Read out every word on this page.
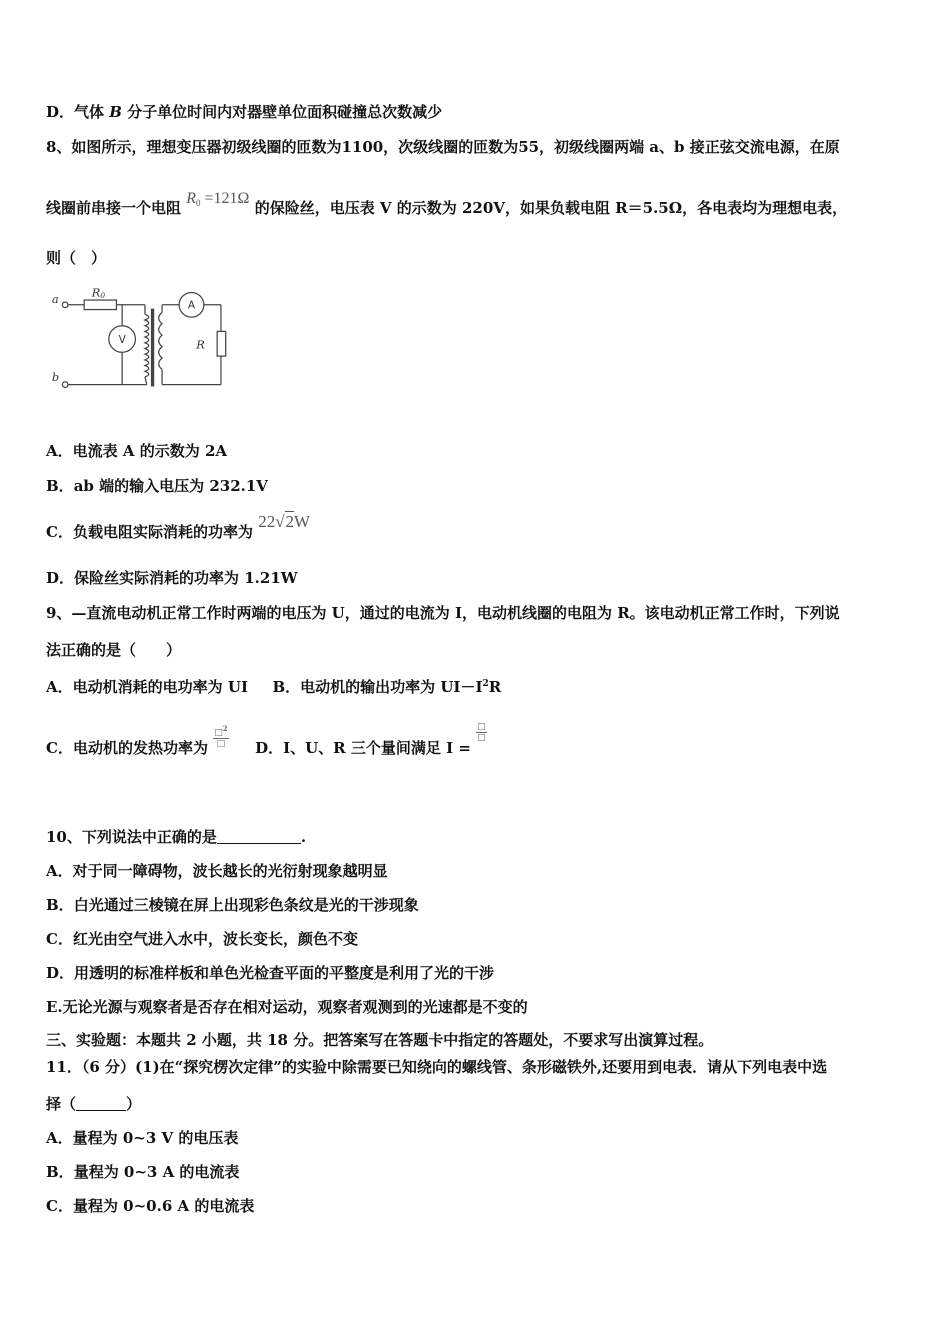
D．气体 B 分子单位时间内对器壁单位面积碰撞总次数减少
8、如图所示，理想变压器初级线圈的匝数为1100，次级线圈的匝数为55，初级线圈两端 a、b 接正弦交流电源，在原
线圈前串接一个电阻 $R_0 =121\Omega$ 的保险丝，电压表 V 的示数为 220V，如果负载电阻 R＝5.5Ω，各电表均为理想电表，
则（　）
a
b
R 0
R
V
A
A．电流表 A 的示数为 2A
B．ab 端的输入电压为 232.1V
C．负载电阻实际消耗的功率为 22√2W
D．保险丝实际消耗的功率为 1.21W
9、—直流电动机正常工作时两端的电压为 U，通过的电流为 I，电动机线圈的电阻为 R。该电动机正常工作时，下列说
法正确的是（　　）
A．电动机消耗的电功率为 UI B．电动机的输出功率为 $UI-I^2R$
C．电动机的发热功率为 $\frac{□^2}{□}$ D．I、U、R 三个量间满足 I =
$\frac{□}{□}$
10、下列说法中正确的是	.
A．对于同一障碍物，波长越长的光衍射现象越明显
B．白光通过三棱镜在屏上出现彩色条纹是光的干涉现象
C．红光由空气进入水中，波长变长，颜色不变
D．用透明的标准样板和单色光检查平面的平整度是利用了光的干涉
E.无论光源与观察者是否存在相对运动，观察者观测到的光速都是不变的
三、实验题：本题共 2 小题，共 18 分。把答案写在答题卡中指定的答题处，不要求写出演算过程。
11．（6 分）(1)在“探究楞次定律”的实验中除需要已知绕向的螺线管、条形磁铁外,还要用到电表．请从下列电表中选
择（	）
A．量程为 0~3 V 的电压表
B．量程为 0~3 A 的电流表
C．量程为 0~0.6 A 的电流表
